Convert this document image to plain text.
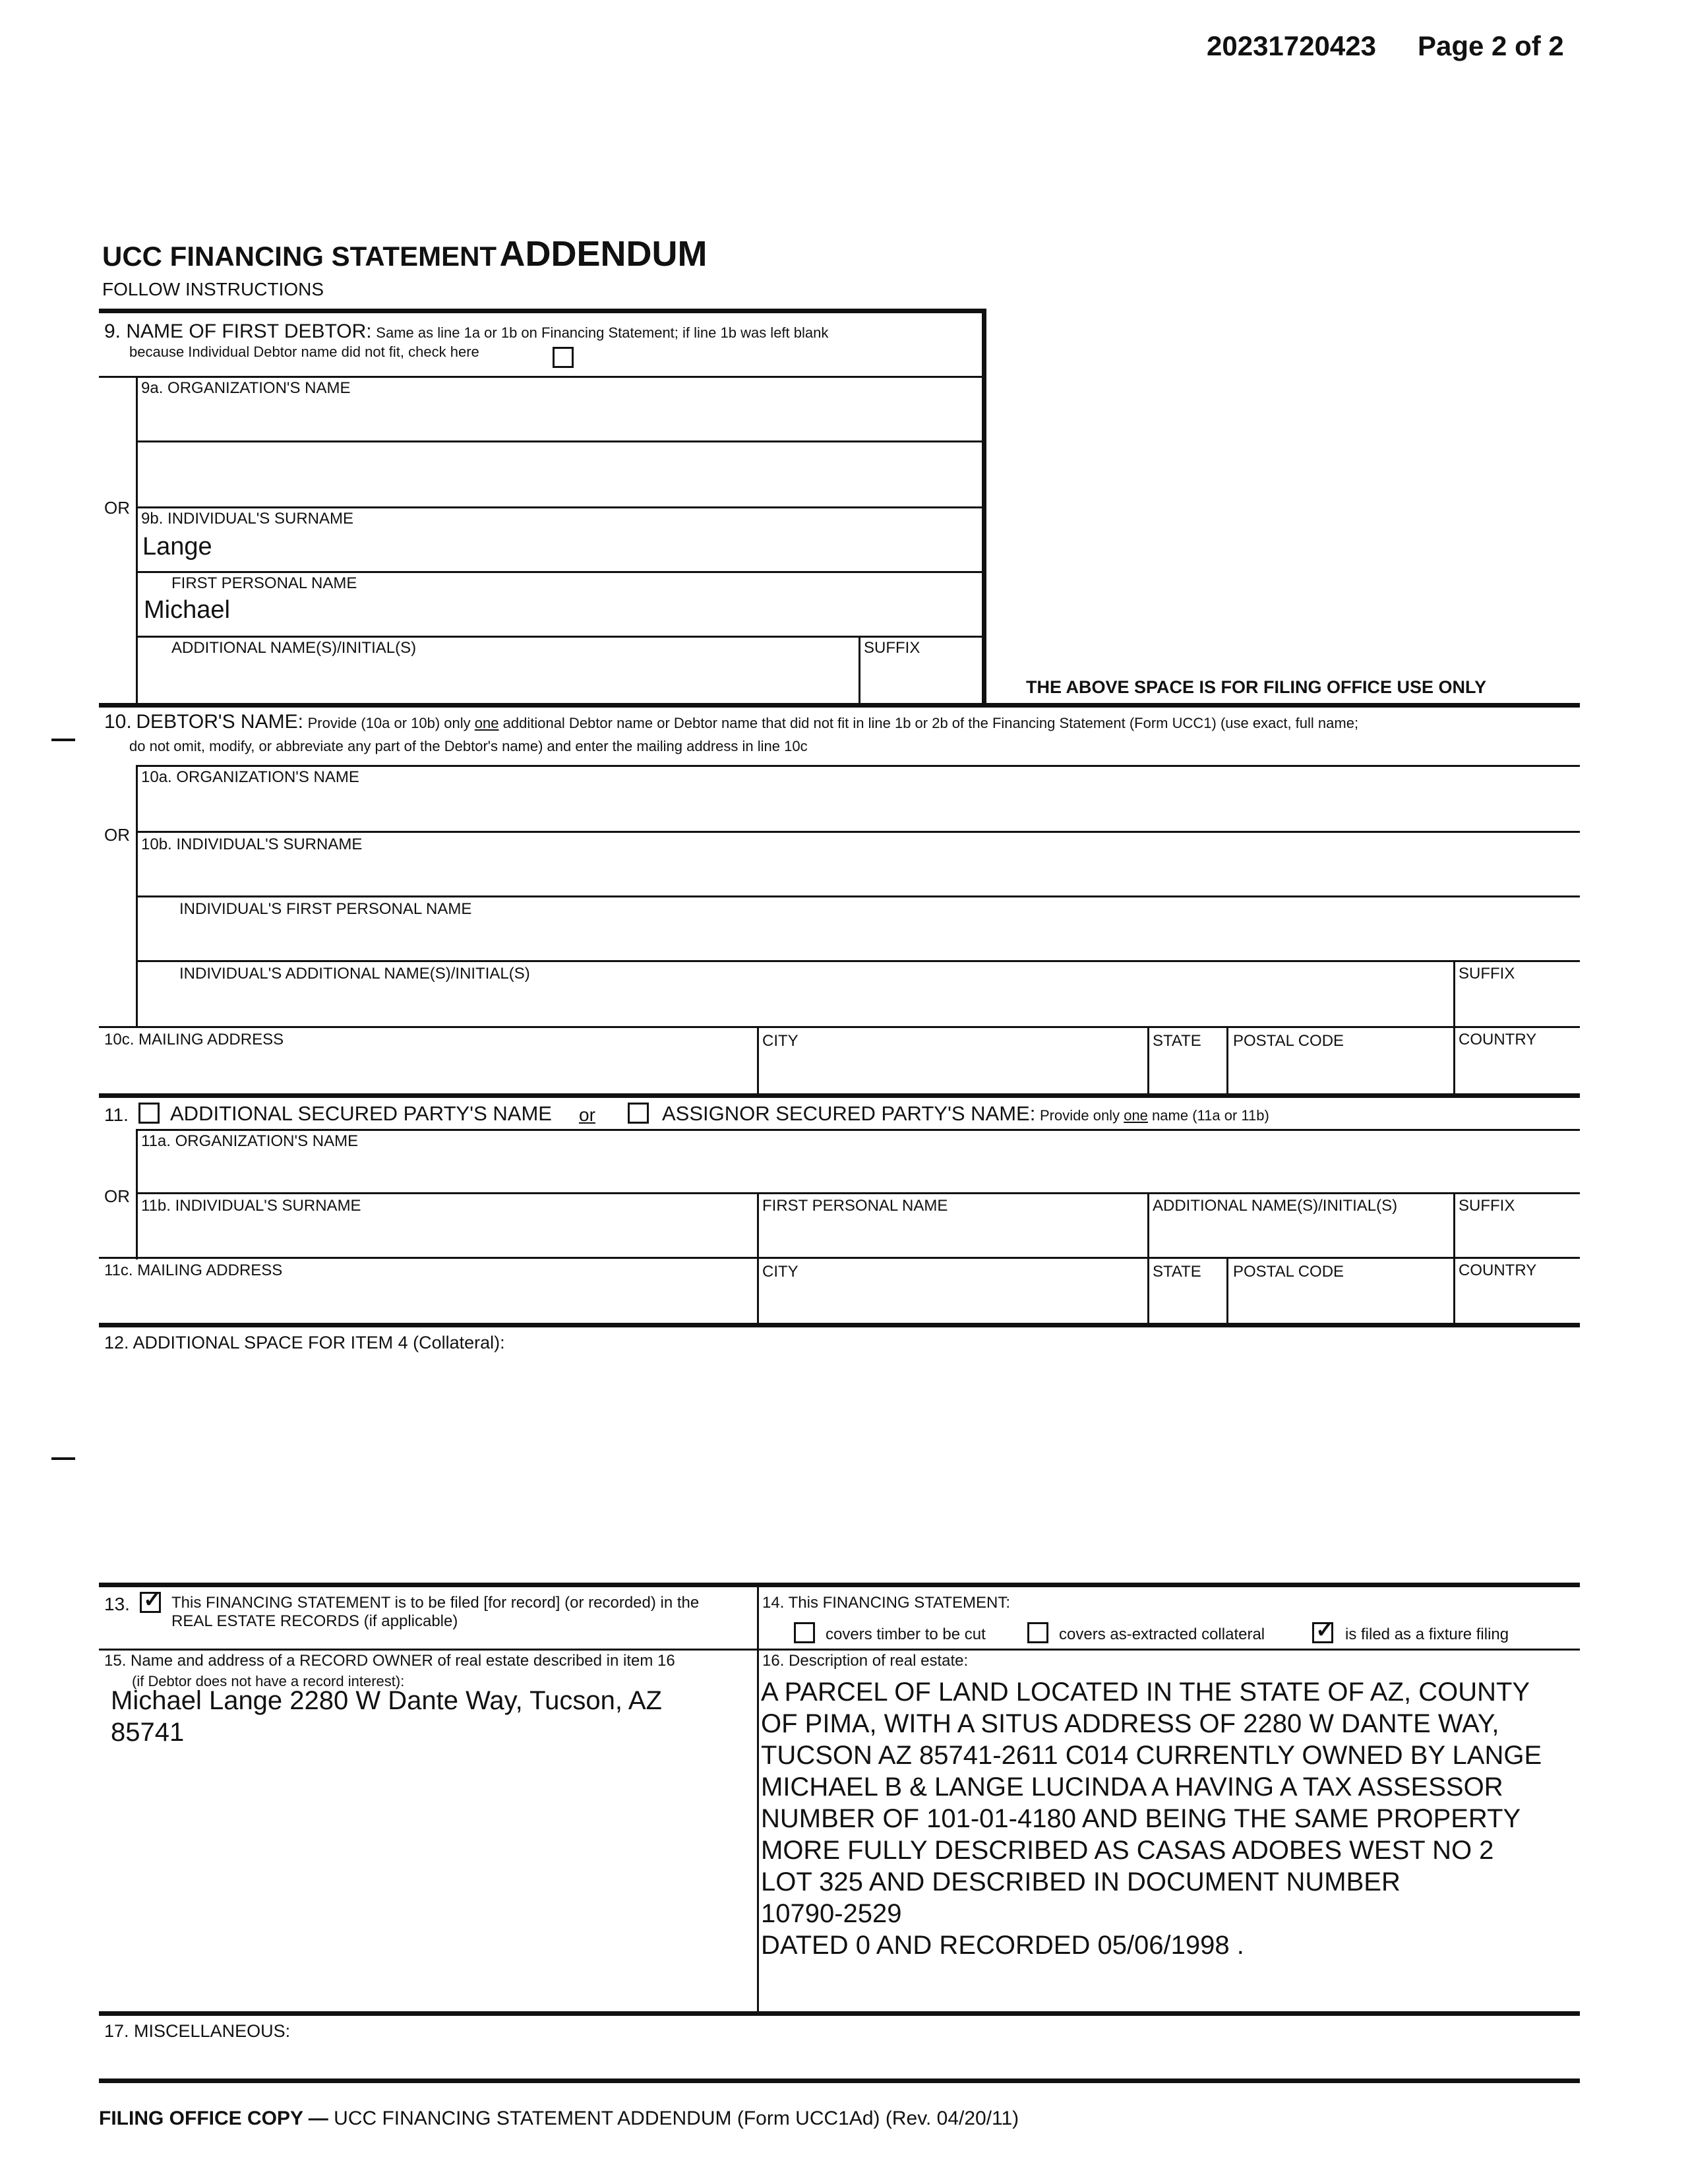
20231720423 Page 2 of 2
UCC FINANCING STATEMENT ADDENDUM
FOLLOW INSTRUCTIONS
9. NAME OF FIRST DEBTOR: Same as line 1a or 1b on Financing Statement; if line 1b was left blank
because Individual Debtor name did not fit, check here
9a. ORGANIZATION'S NAME
OR
9b. INDIVIDUAL'S SURNAME
Lange
FIRST PERSONAL NAME
Michael
ADDITIONAL NAME(S)/INITIAL(S)	SUFFIX
THE ABOVE SPACE IS FOR FILING OFFICE USE ONLY
10. DEBTOR'S NAME: Provide (10a or 10b) only one additional Debtor name or Debtor name that did not fit in line 1b or 2b of the Financing Statement (Form UCC1) (use exact, full name;
do not omit, modify, or abbreviate any part of the Debtor's name) and enter the mailing address in line 10c
10a. ORGANIZATION'S NAME
OR 10b. INDIVIDUAL'S SURNAME
INDIVIDUAL'S FIRST PERSONAL NAME
INDIVIDUAL'S ADDITIONAL NAME(S)/INITIAL(S)	SUFFIX
10c. MAILING ADDRESS	CITY	STATE POSTAL CODE	COUNTRY
11. ADDITIONAL SECURED PARTY'S NAME or	ASSIGNOR SECURED PARTY'S NAME: Provide only one name (11a or 11b)
11a. ORGANIZATION'S NAME
OR 11b. INDIVIDUAL'S SURNAME	FIRST PERSONAL NAME	ADDITIONAL NAME(S)/INITIAL(S)	SUFFIX
11c. MAILING ADDRESS	CITY	STATE POSTAL CODE	COUNTRY
12. ADDITIONAL SPACE FOR ITEM 4 (Collateral):
13. ✓ This FINANCING STATEMENT is to be filed [for record] (or recorded) in the
REAL ESTATE RECORDS (if applicable)
14. This FINANCING STATEMENT:
covers timber to be cut	covers as-extracted collateral ✓ is filed as a fixture filing
15. Name and address of a RECORD OWNER of real estate described in item 16
(if Debtor does not have a record interest):
Michael Lange 2280 W Dante Way, Tucson, AZ
85741
16. Description of real estate:
A PARCEL OF LAND LOCATED IN THE STATE OF AZ, COUNTY
OF PIMA, WITH A SITUS ADDRESS OF 2280 W DANTE WAY,
TUCSON AZ 85741-2611 C014 CURRENTLY OWNED BY LANGE
MICHAEL B & LANGE LUCINDA A HAVING A TAX ASSESSOR
NUMBER OF 101-01-4180 AND BEING THE SAME PROPERTY
MORE FULLY DESCRIBED AS CASAS ADOBES WEST NO 2
LOT 325 AND DESCRIBED IN DOCUMENT NUMBER
10790-2529
DATED 0 AND RECORDED 05/06/1998 .
17. MISCELLANEOUS:
FILING OFFICE COPY — UCC FINANCING STATEMENT ADDENDUM (Form UCC1Ad) (Rev. 04/20/11)
